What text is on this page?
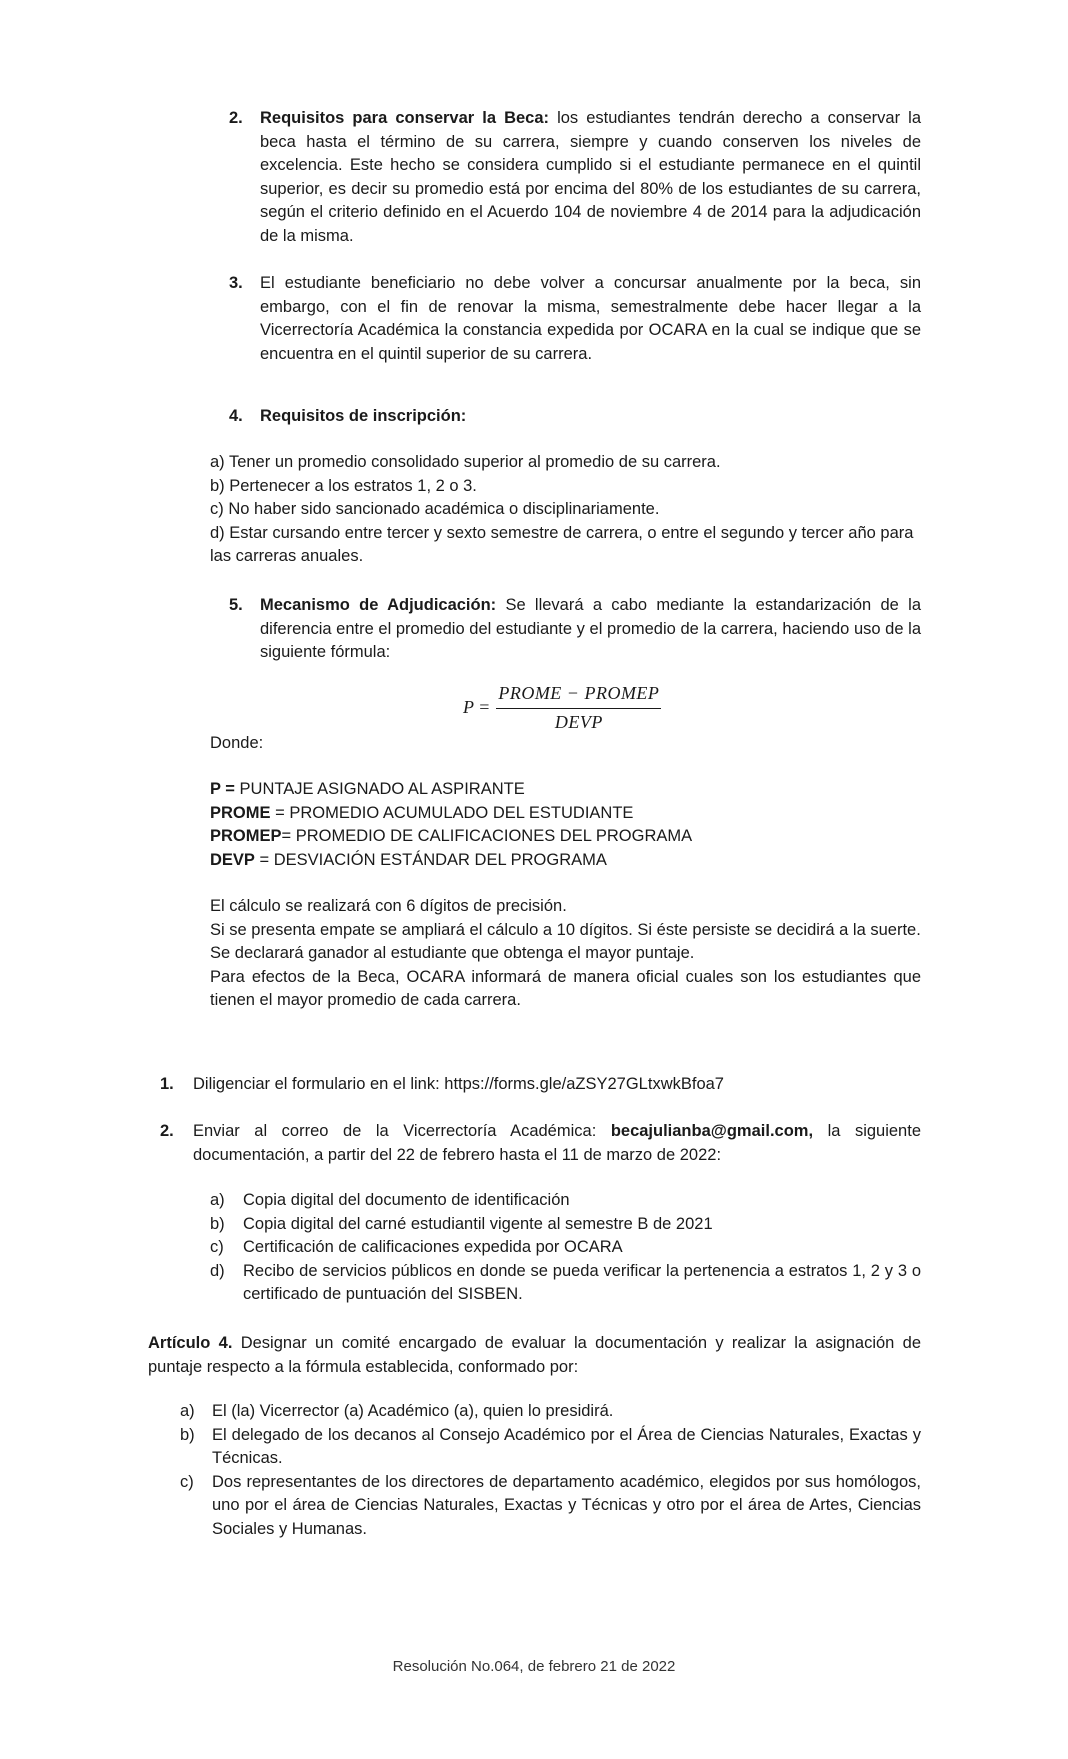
2. Requisitos para conservar la Beca: los estudiantes tendrán derecho a conservar la beca hasta el término de su carrera, siempre y cuando conserven los niveles de excelencia. Este hecho se considera cumplido si el estudiante permanece en el quintil superior, es decir su promedio está por encima del 80% de los estudiantes de su carrera, según el criterio definido en el Acuerdo 104 de noviembre 4 de 2014 para la adjudicación de la misma.
3. El estudiante beneficiario no debe volver a concursar anualmente por la beca, sin embargo, con el fin de renovar la misma, semestralmente debe hacer llegar a la Vicerrectoría Académica la constancia expedida por OCARA en la cual se indique que se encuentra en el quintil superior de su carrera.
4. Requisitos de inscripción:

a) Tener un promedio consolidado superior al promedio de su carrera.

b) Pertenecer a los estratos 1, 2 o 3.

c) No haber sido sancionado académica o disciplinariamente.

d) Estar cursando entre tercer y sexto semestre de carrera, o entre el segundo y tercer año para las carreras anuales.

5. Mecanismo de Adjudicación: Se llevará a cabo mediante la estandarización de la diferencia entre el promedio del estudiante y el promedio de la carrera, haciendo uso de la siguiente fórmula:
$P = \frac{\text{PROME − PROMEP}}{\text{DEVP}}$
Donde:

P = PUNTAJE ASIGNADO AL ASPIRANTE

PROME = PROMEDIO ACUMULADO DEL ESTUDIANTE

PROMEP= PROMEDIO DE CALIFICACIONES DEL PROGRAMA

DEVP = DESVIACIÓN ESTÁNDAR DEL PROGRAMA

El cálculo se realizará con 6 dígitos de precisión.

Si se presenta empate se ampliará el cálculo a 10 dígitos. Si éste persiste se decidirá a la suerte.

Se declarará ganador al estudiante que obtenga el mayor puntaje.

Para efectos de la Beca, OCARA informará de manera oficial cuales son los estudiantes que tienen el mayor promedio de cada carrera.

1. Diligenciar el formulario en el link: https://forms.gle/aZSY27GLtxwkBfoa7
2. Enviar al correo de la Vicerrectoría Académica: becajulianba@gmail.com, la siguiente documentación, a partir del 22 de febrero hasta el 11 de marzo de 2022:
a) Copia digital del documento de identificación
b) Copia digital del carné estudiantil vigente al semestre B de 2021
c) Certificación de calificaciones expedida por OCARA
d) Recibo de servicios públicos en donde se pueda verificar la pertenencia a estratos 1, 2 y 3 o certificado de puntuación del SISBEN.
Artículo 4. Designar un comité encargado de evaluar la documentación y realizar la asignación de puntaje respecto a la fórmula establecida, conformado por:
a) El (la) Vicerrector (a) Académico (a), quien lo presidirá.
b) El delegado de los decanos al Consejo Académico por el Área de Ciencias Naturales, Exactas y Técnicas.
c) Dos representantes de los directores de departamento académico, elegidos por sus homólogos, uno por el área de Ciencias Naturales, Exactas y Técnicas y otro por el área de Artes, Ciencias Sociales y Humanas.
Resolución No.064, de febrero 21 de 2022
